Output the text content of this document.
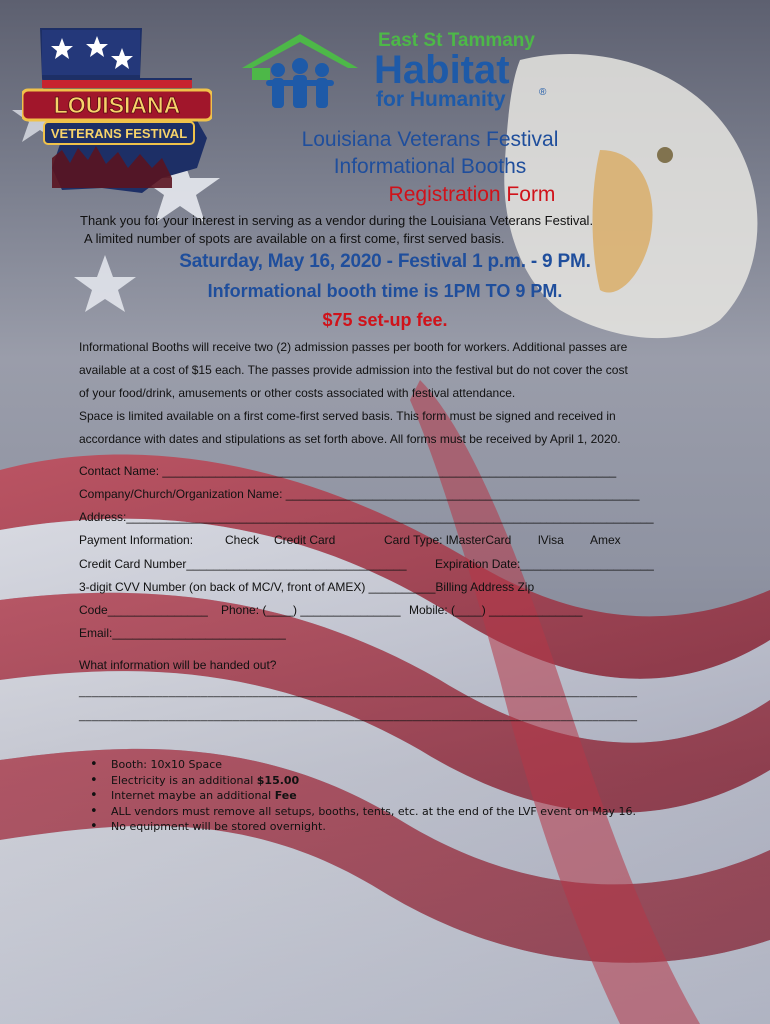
LOUISIANA
VETERANS FESTIVAL
East St Tammany
Habitat
for Humanity	®
Louisiana Veterans Festival
Informational Booths
Registration Form
Thank you for your interest in serving as a vendor during the Louisiana Veterans Festival.
A limited number of spots are available on a first come, first served basis.
Saturday, May 16, 2020 - Festival 1 p.m. - 9 PM.
Informational booth time is 1PM TO 9 PM.
$75 set-up fee.
Informational Booths will receive two (2) admission passes per booth for workers. Additional passes are
available at a cost of $15 each. The passes provide admission into the festival but do not cover the cost
of your food/drink, amusements or other costs associated with festival attendance.
Space is limited available on a first come-first served basis. This form must be signed and received in
accordance with dates and stipulations as set forth above. All forms must be received by April 1, 2020.
Contact Name: ____________________________________________________________________
Company/Church/Organization Name: _____________________________________________________
Address:_______________________________________________________________________________
Payment Information:	Check Credit Card	Card Type: lMasterCard lVisa Amex
Credit Card Number_________________________________ Expiration Date:____________________
3-digit CVV Number (on back of MC/V, front of AMEX) __________Billing Address Zip
Code_______________ Phone: (____) _______________ Mobile: (____) ______________
Email:__________________________
What information will be handed out?
_______________________________________________________________________________________
_______________________________________________________________________________________
• Booth: 10x10 Space
• Electricity is an additional $15.00
• Internet maybe an additional Fee
• ALL vendors must remove all setups, booths, tents, etc. at the end of the LVF event on May 16.
• No equipment will be stored overnight.
